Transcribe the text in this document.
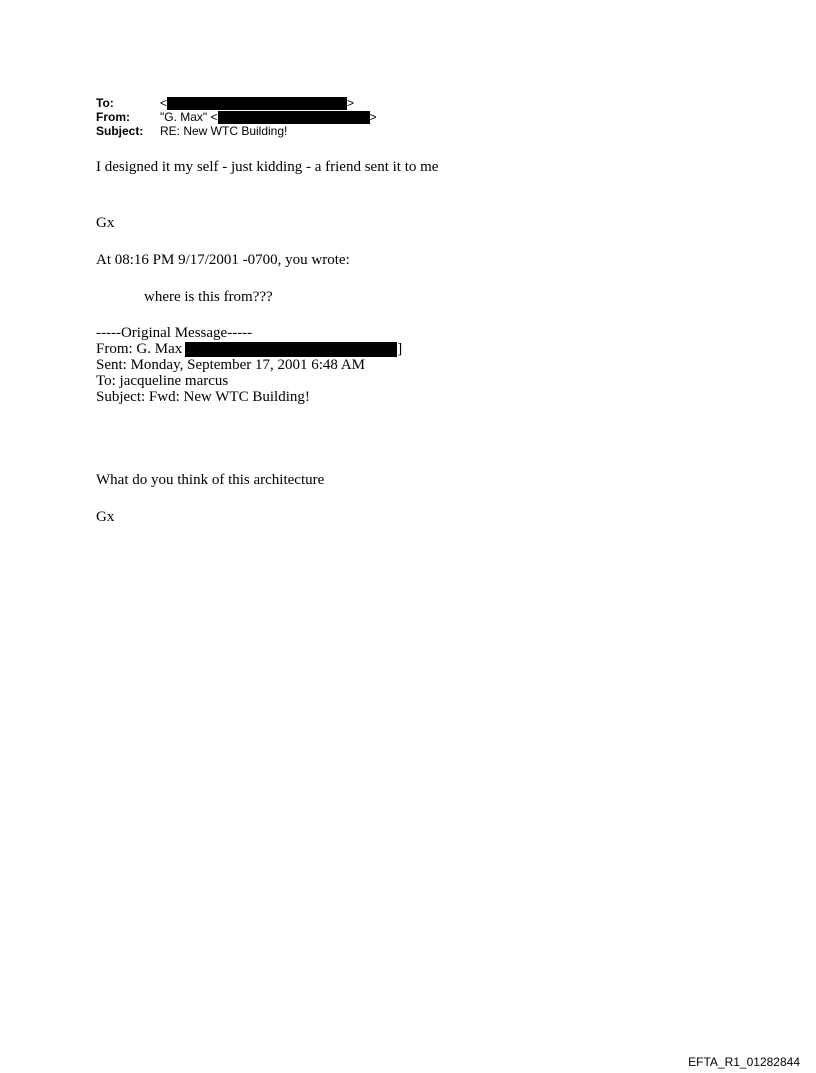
To:	<	>
From:	"G. Max" <	>
Subject:	RE: New WTC Building!
I designed it my self - just kidding - a friend sent it to me
Gx
At 08:16 PM 9/17/2001 -0700, you wrote:
where is this from???
-----Original Message-----
From: G. Max	]
Sent: Monday, September 17, 2001 6:48 AM
To: jacqueline marcus
Subject: Fwd: New WTC Building!
What do you think of this architecture
Gx
EFTA_R1_01282844
